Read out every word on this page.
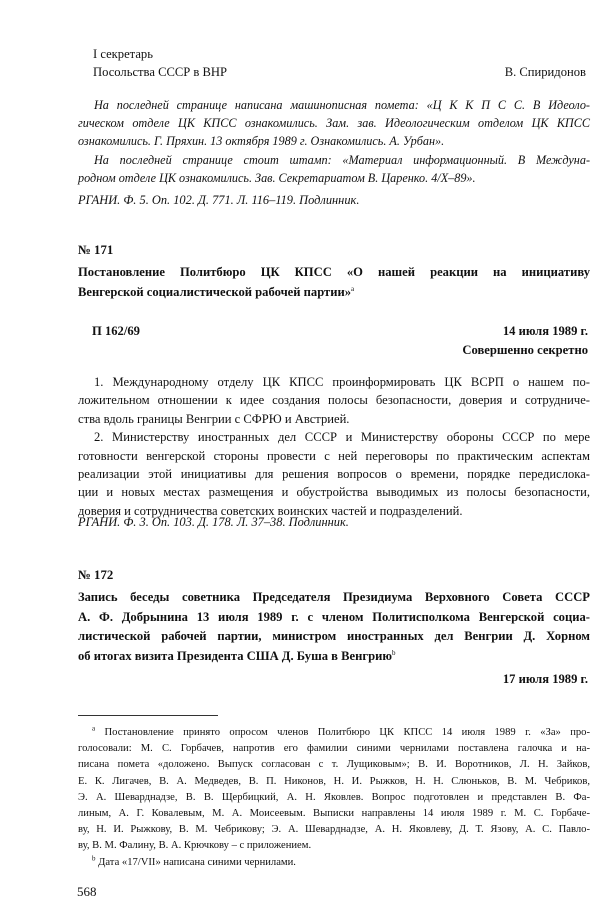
I секретарь
Посольства СССР в ВНР	В. Спиридонов
На последней странице написана машинописная помета: «Ц К К П С С. В Идеоло-
гическом отделе ЦК КПСС ознакомились. Зам. зав. Идеологическим отделом ЦК КПСС
ознакомились. Г. Пряхин. 13 октября 1989 г. Ознакомились. А. Урбан».
На последней странице стоит штамп: «Материал информационный. В Междуна-
родном отделе ЦК ознакомились. Зав. Секретариатом В. Царенко. 4/X–89».
РГАНИ. Ф. 5. Оп. 102. Д. 771. Л. 116–119. Подлинник.
№ 171
Постановление Политбюро ЦК КПСС «О нашей реакции на инициативу
Венгерской социалистической рабочей партии»$^a$
П 162/69	14 июля 1989 г.
Совершенно секретно
1. Международному отделу ЦК КПСС проинформировать ЦК ВСРП о нашем по-
ложительном отношении к идее создания полосы безопасности, доверия и сотрудниче-
ства вдоль границы Венгрии с СФРЮ и Австрией.
2. Министерству иностранных дел СССР и Министерству обороны СССР по мере
готовности венгерской стороны провести с ней переговоры по практическим аспектам
реализации этой инициативы для решения вопросов о времени, порядке передислока-
ции и новых местах размещения и обустройства выводимых из полосы безопасности,
доверия и сотрудничества советских воинских частей и подразделений.
РГАНИ. Ф. 3. Оп. 103. Д. 178. Л. 37–38. Подлинник.
№ 172
Запись беседы советника Председателя Президиума Верховного Совета СССР
А. Ф. Добрынина 13 июля 1989 г. с членом Политисполкома Венгерской социа-
листической рабочей партии, министром иностранных дел Венгрии Д. Хорном
об итогах визита Президента США Д. Буша в Венгрию$^b$
17 июля 1989 г.
$^a$ Постановление принято опросом членов Политбюро ЦК КПСС 14 июля 1989 г. «За» про-
голосовали: М. С. Горбачев, напротив его фамилии синими чернилами поставлена галочка и на-
писана помета «доложено. Выпуск согласован с т. Лущиковым»; В. И. Воротников, Л. Н. Зайков,
Е. К. Лигачев, В. А. Медведев, В. П. Никонов, Н. И. Рыжков, Н. Н. Слюньков, В. М. Чебриков,
Э. А. Шеварднадзе, В. В. Щербицкий, А. Н. Яковлев. Вопрос подготовлен и представлен В. Фа-
линым, А. Г. Ковалевым, М. А. Моисеевым. Выписки направлены 14 июля 1989 г. М. С. Горбаче-
ву, Н. И. Рыжкову, В. М. Чебрикову; Э. А. Шеварднадзе, А. Н. Яковлеву, Д. Т. Язову, А. С. Павло-
ву, В. М. Фалину, В. А. Крючкову – с приложением.
$^b$ Дата «17/VII» написана синими чернилами.
568
